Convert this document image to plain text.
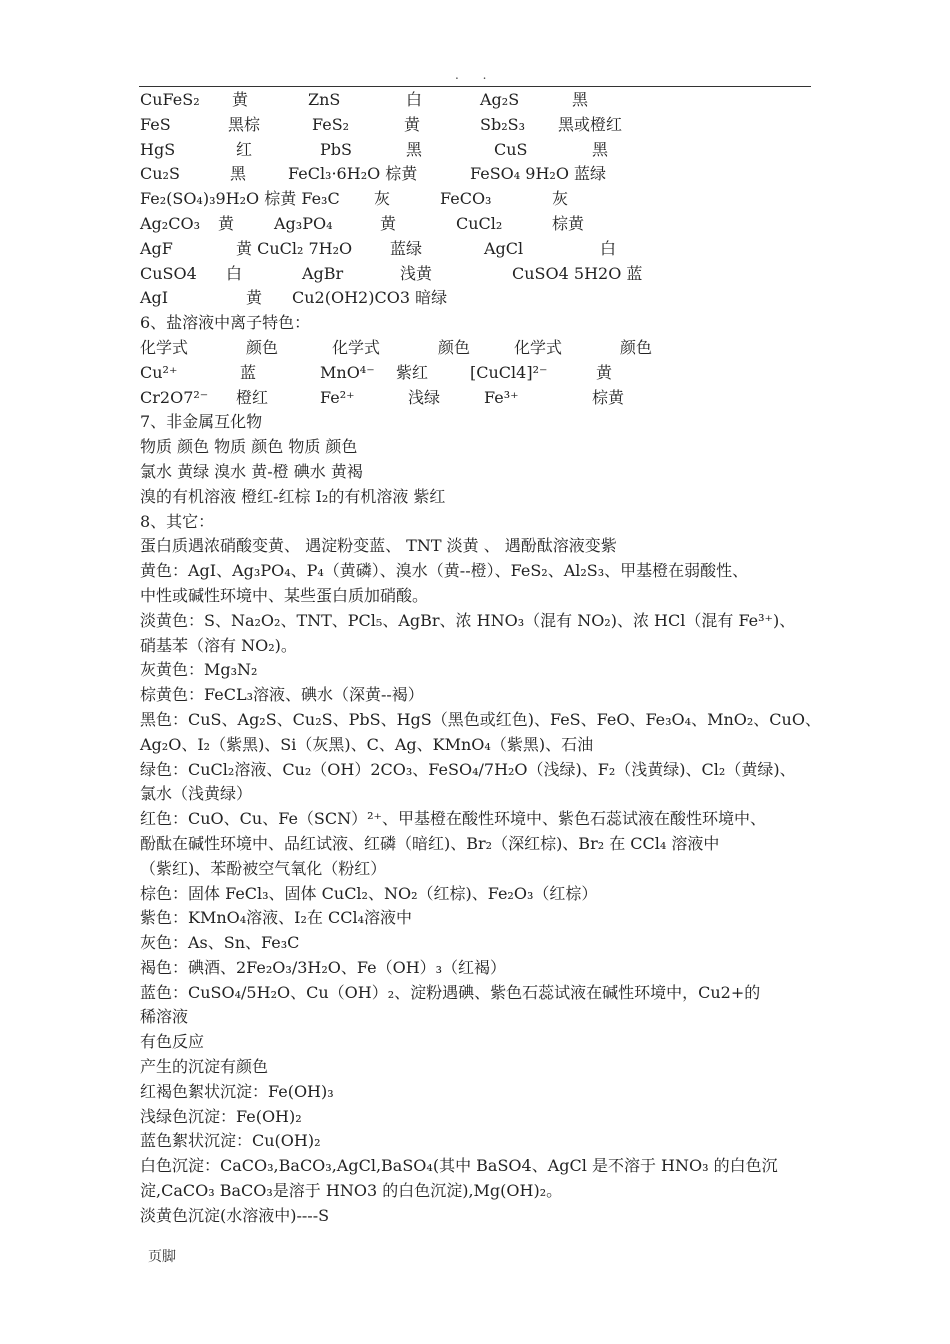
. .
CuFeS₂ 黄	ZnS	白	Ag₂S	黑
FeS	黑棕	FeS₂	黄	Sb₂S₃ 黑或橙红
HgS	红	PbS	黑	CuS	黑
Cu₂S	黑	FeCl₃·6H₂O 棕黄	FeSO₄ 9H₂O 蓝绿
Fe₂(SO₄)₃9H₂O 棕黄 Fe₃C 灰	FeCO₃	灰
Ag₂CO₃ 黄 Ag₃PO₄	黄	CuCl₂	棕黄
AgF	黄 CuCl₂ 7H₂O 蓝绿	AgCl	白
CuSO4 白	AgBr	浅黄	CuSO4 5H2O 蓝
AgI	黄 Cu2(OH2)CO3 暗绿
6、盐溶液中离子特色：
化学式	颜色	化学式	颜色	化学式	颜色
Cu²⁺	蓝	MnO⁴⁻ 紫红	[CuCl4]²⁻	黄
Cr2O7²⁻ 橙红	Fe²⁺	浅绿	Fe³⁺	棕黄
7、非金属互化物
物质 颜色 物质 颜色 物质 颜色
氯水 黄绿 溴水 黄-橙 碘水 黄褐
溴的有机溶液 橙红-红棕 I₂的有机溶液 紫红
8、其它：
蛋白质遇浓硝酸变黄、 遇淀粉变蓝、 TNT 淡黄 、 遇酚酞溶液变紫
黄色：AgI、Ag₃PO₄、P₄（黄磷）、溴水（黄--橙）、FeS₂、Al₂S₃、甲基橙在弱酸性、
中性或碱性环境中、某些蛋白质加硝酸。
淡黄色：S、Na₂O₂、TNT、PCl₅、AgBr、浓 HNO₃（混有 NO₂)、浓 HCl（混有 Fe³⁺)、
硝基苯（溶有 NO₂)。
灰黄色：Mg₃N₂
棕黄色：FeCL₃溶液、碘水（深黄--褐）
黑色：CuS、Ag₂S、Cu₂S、PbS、HgS（黑色或红色)、FeS、FeO、Fe₃O₄、MnO₂、CuO、
Ag₂O、I₂（紫黑)、Si（灰黑)、C、Ag、KMnO₄（紫黑)、石油
绿色：CuCl₂溶液、Cu₂（OH）2CO₃、FeSO₄/7H₂O（浅绿)、F₂（浅黄绿)、Cl₂（黄绿)、
氯水（浅黄绿）
红色：CuO、Cu、Fe（SCN）²⁺、甲基橙在酸性环境中、紫色石蕊试液在酸性环境中、
酚酞在碱性环境中、品红试液、红磷（暗红)、Br₂（深红棕)、Br₂ 在 CCl₄ 溶液中
（紫红)、苯酚被空气氧化（粉红）
棕色：固体 FeCl₃、固体 CuCl₂、NO₂（红棕)、Fe₂O₃（红棕）
紫色：KMnO₄溶液、I₂在 CCl₄溶液中
灰色：As、Sn、Fe₃C
褐色：碘酒、2Fe₂O₃/3H₂O、Fe（OH）₃（红褐）
蓝色：CuSO₄/5H₂O、Cu（OH）₂、淀粉遇碘、紫色石蕊试液在碱性环境中，Cu2+的
稀溶液
有色反应
产生的沉淀有颜色
红褐色絮状沉淀：Fe(OH)₃
浅绿色沉淀：Fe(OH)₂
蓝色絮状沉淀：Cu(OH)₂
白色沉淀：CaCO₃,BaCO₃,AgCl,BaSO₄(其中 BaSO4、AgCl 是不溶于 HNO₃ 的白色沉
淀,CaCO₃ BaCO₃是溶于 HNO3 的白色沉淀),Mg(OH)₂。
淡黄色沉淀(水溶液中)----S
页脚
